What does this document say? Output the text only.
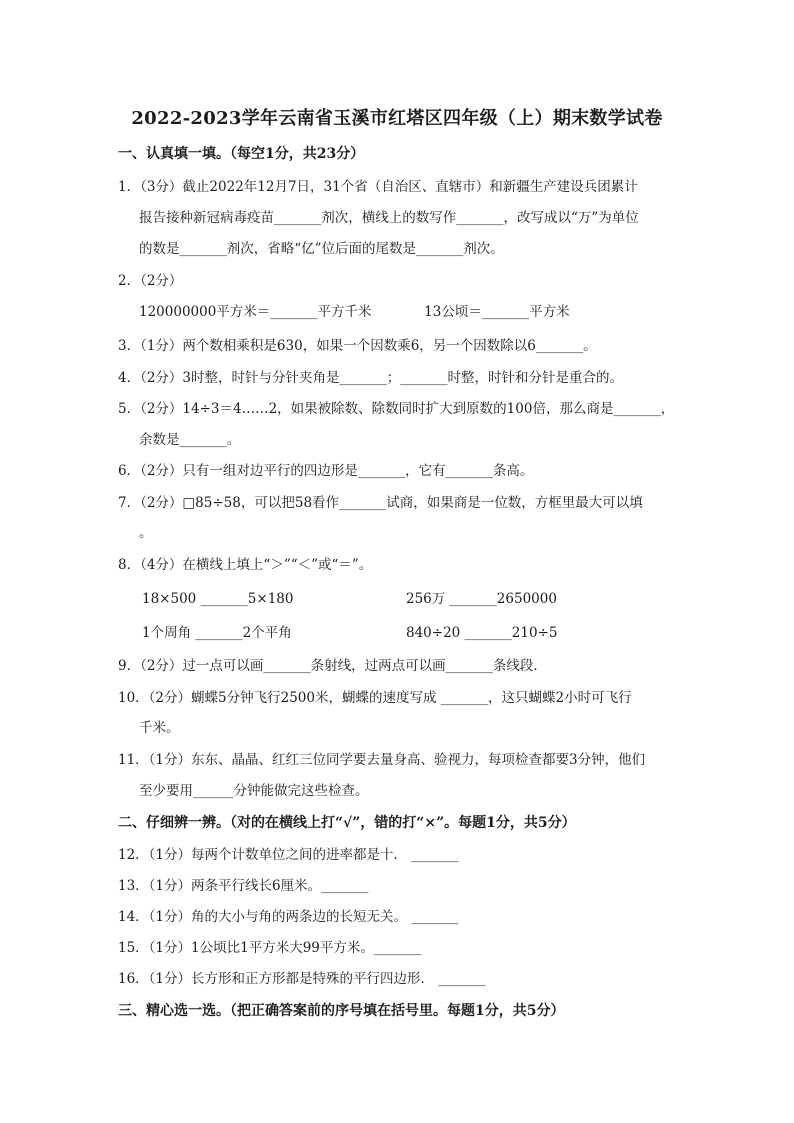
2022-2023学年云南省玉溪市红塔区四年级（上）期末数学试卷
一、认真填一填。（每空1分，共23分）
1．（3分）截止2022年12月7日，31个省（自治区、直辖市）和新疆生产建设兵团累计
报告接种新冠病毒疫苗_______剂次，横线上的数写作_______，改写成以“万”为单位
的数是_______剂次，省略“亿”位后面的尾数是_______剂次。
2．（2分）
120000000平方米＝_______平方千米	13公顷＝_______平方米
3．（1分）两个数相乘积是630，如果一个因数乘6，另一个因数除以6_______。
4．（2分）3时整，时针与分针夹角是_______；_______时整，时针和分针是重合的。
5．（2分）14÷3＝4……2，如果被除数、除数同时扩大到原数的100倍，那么商是_______，
余数是_______。
6．（2分）只有一组对边平行的四边形是_______，它有_______条高。
7．（2分）□85÷58，可以把58看作_______试商，如果商是一位数，方框里最大可以填
。
8．（4分）在横线上填上“＞”“＜”或“＝”。
18×500 _______5×180	256万 _______2650000
1个周角 _______2个平角	840÷20 _______210÷5
9．（2分）过一点可以画_______条射线，过两点可以画_______条线段．
10．（2分）蝴蝶5分钟飞行2500米，蝴蝶的速度写成 _______，这只蝴蝶2小时可飞行
千米。
11．（1分）东东、晶晶、红红三位同学要去量身高、验视力，每项检查都要3分钟，他们
至少要用______分钟能做完这些检查。
二、仔细辨一辨。（对的在横线上打“√”，错的打“×”。每题1分，共5分）
12．（1分）每两个计数单位之间的进率都是十． _______
13．（1分）两条平行线长6厘米。_______
14．（1分）角的大小与角的两条边的长短无关。 _______
15．（1分）1公顷比1平方米大99平方米。_______
16．（1分）长方形和正方形都是特殊的平行四边形． _______
三、精心选一选。（把正确答案前的序号填在括号里。每题1分，共5分）
